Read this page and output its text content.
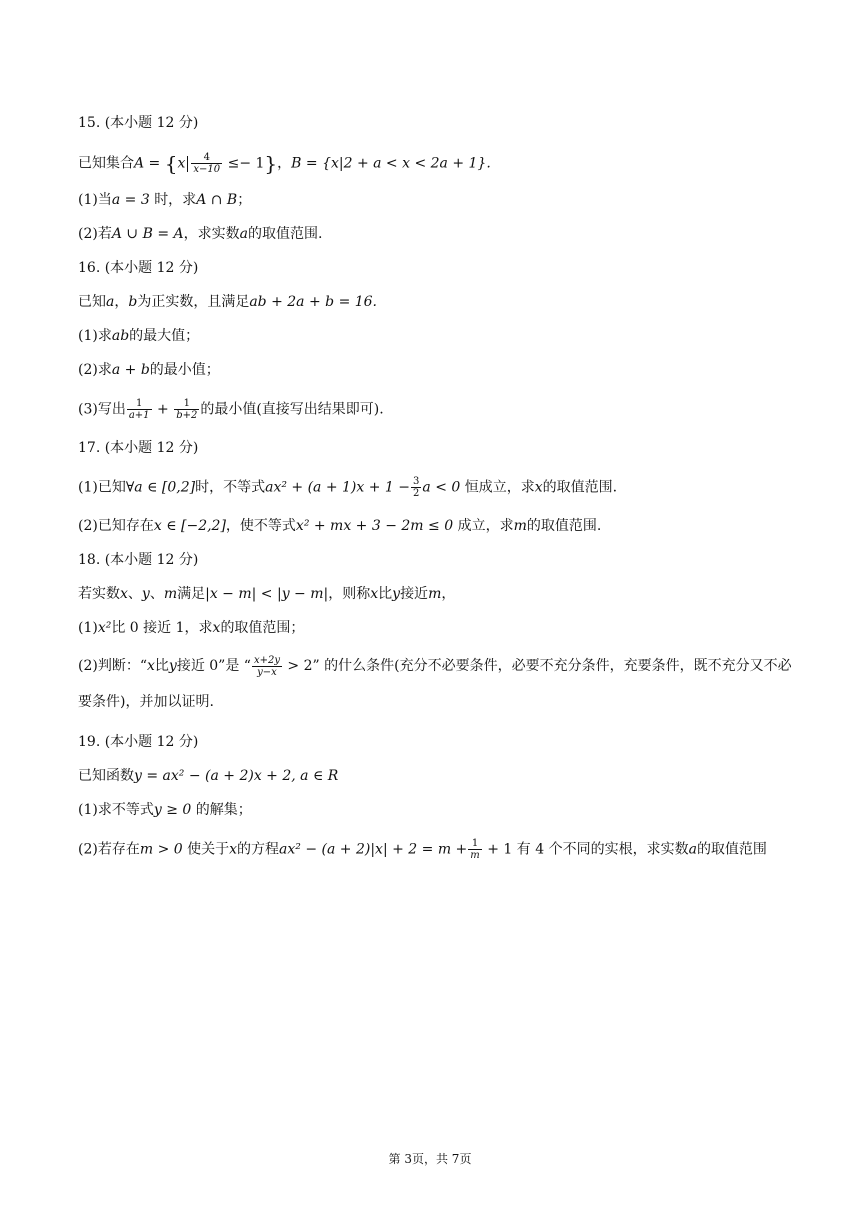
15. (本小题 12 分)
已知集合$A = \{x \frac{4}{x-10} \le- 1\}$，B = {x|2 + a < x < 2a + 1}.
(1)当a = 3 时，求A ∩ B；
(2)若A ∪ B = A，求实数a的取值范围.
16. (本小题 12 分)
已知a，b为正实数，且满足ab + 2a + b = 16.
(1)求ab的最大值；
(2)求a + b的最小值；
(3)写出 $\frac{1}{a+1} + \frac{1}{b+2}$ 的最小值(直接写出结果即可).
17. (本小题 12 分)
(1)已知∀a ∈ [0,2]时，不等式$ax^2 + (a + 1)x + 1 - \frac{3}{2}$ a < 0 恒成立，求x的取值范围.
(2)已知存在x ∈ [−2,2]，使不等式x² + mx + 3 − 2m ≤ 0 成立，求m的取值范围.
18. (本小题 12 分)
若实数x、y、m满足|x − m| < |y − m|，则称x比y接近m，
(1)x²比 0 接近 1，求x的取值范围；
(2)判断：“x比y接近 0”是 “ $\frac{x+2y}{y-x} > 2$” 的什么条件(充分不必要条件，必要不充分条件，充要条件，既不充分又不必要条件)，并加以证明.
19. (本小题 12 分)
已知函数y = ax² − (a + 2)x + 2, a ∈ R
(1)求不等式y ≥ 0 的解集；
(2)若存在m > 0 使关于x的方程$ax^2 - (a + 2)|x| + 2 = m + \frac{1}{m} + 1$ 有 4 个不同的实根，求实数a的取值范围
第 3页，共 7页
